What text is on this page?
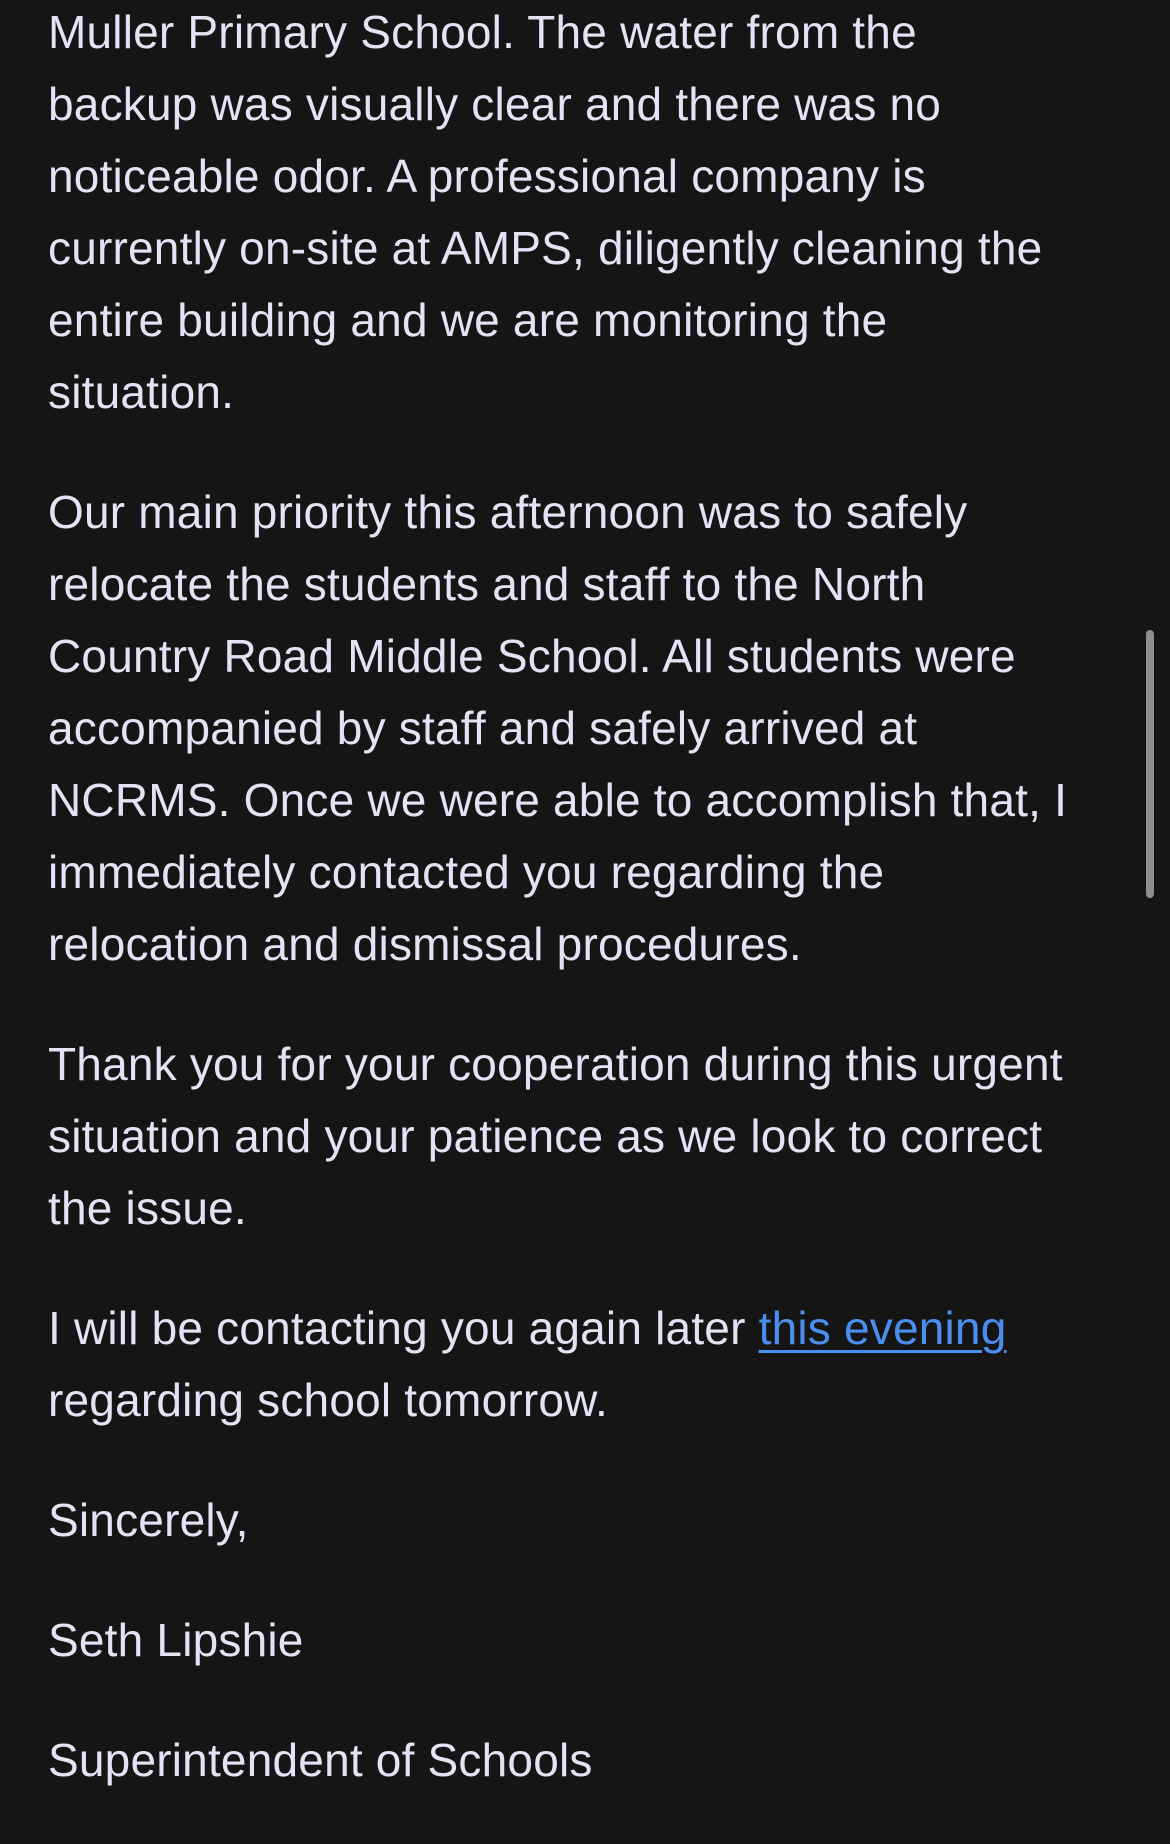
Muller Primary School. The water from the
backup was visually clear and there was no
noticeable odor. A professional company is
currently on-site at AMPS, diligently cleaning the
entire building and we are monitoring the
situation.

Our main priority this afternoon was to safely
relocate the students and staff to the North
Country Road Middle School. All students were
accompanied by staff and safely arrived at
NCRMS. Once we were able to accomplish that, I
immediately contacted you regarding the
relocation and dismissal procedures.

Thank you for your cooperation during this urgent
situation and your patience as we look to correct
the issue.

I will be contacting you again later this evening
regarding school tomorrow.

Sincerely,

Seth Lipshie

Superintendent of Schools
